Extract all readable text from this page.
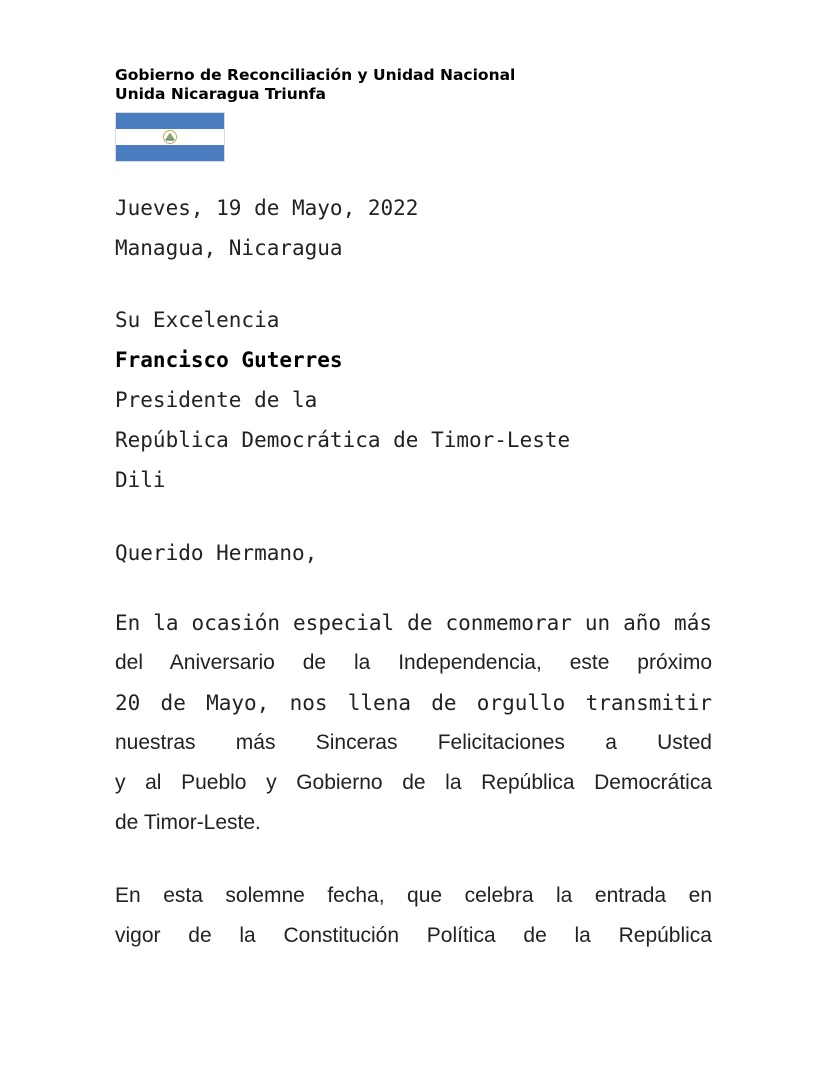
Gobierno de Reconciliación y Unidad Nacional
Unida Nicaragua Triunfa
Jueves, 19 de Mayo, 2022
Managua, Nicaragua
Su Excelencia
Francisco Guterres
Presidente de la
República Democrática de Timor-Leste
Dili
Querido Hermano,
En la ocasión especial de conmemorar un año más
del Aniversario de la Independencia, este próximo
20 de Mayo, nos llena de orgullo transmitir
nuestras más Sinceras Felicitaciones a Usted
y al Pueblo y Gobierno de la República Democrática
de Timor-Leste.
En esta solemne fecha, que celebra la entrada en
vigor de la Constitución Política de la República
